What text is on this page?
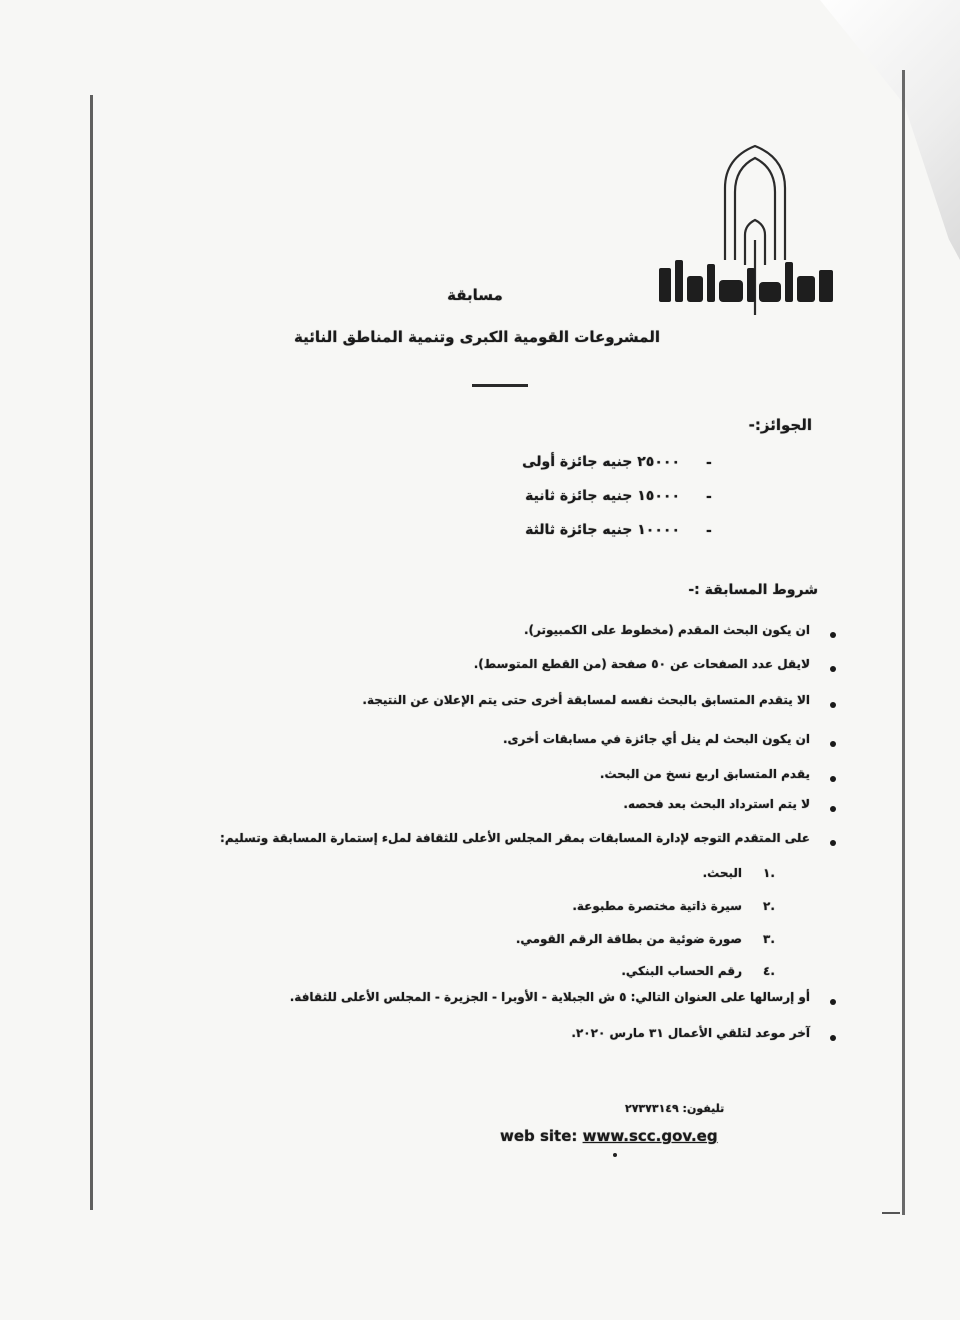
مسابقة
المشروعات القومية الكبرى وتنمية المناطق النائية
الجوائز:-
-
٢٥٠٠٠ جنيه جائزة أولى
-
١٥٠٠٠ جنيه جائزة ثانية
-
١٠٠٠٠ جنيه جائزة ثالثة
شروط المسابقة :-
ان يكون البحث المقدم (مخطوط على الكمبيوتر).
لايقل عدد الصفحات عن ٥٠ صفحة (من القطع المتوسط).
الا يتقدم المتسابق بالبحث نفسه لمسابقة أخرى حتى يتم الإعلان عن النتيجة.
ان يكون البحث لم ينل أي جائزة في مسابقات أخرى.
يقدم المتسابق اربع نسخ من البحث.
لا يتم استرداد البحث بعد فحصه.
على المتقدم التوجه لإدارة المسابقات بمقر المجلس الأعلى للثقافة لملء إستمارة المسابقة وتسليم:
١.
البحث.
٢.
سيرة ذاتية مختصرة مطبوعة.
٣.
صورة ضوئية من بطاقة الرقم القومي.
٤.
رقم الحساب البنكي.
أو إرسالها على العنوان التالي: ٥ ش الجبلاية - الأوبرا - الجزيرة - المجلس الأعلى للثقافة.
آخر موعد لتلقي الأعمال ٣١ مارس ٢٠٢٠.
تليفون: ٢٧٣٧٣١٤٩
web site: www.scc.gov.eg
